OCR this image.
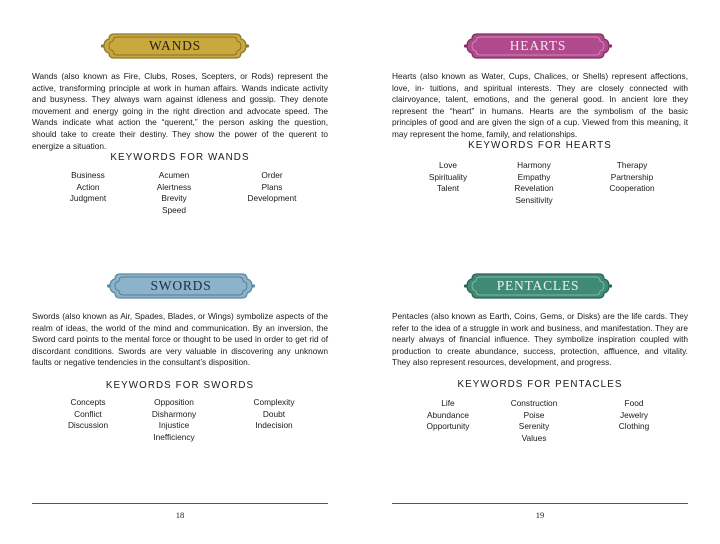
WANDS

Wands (also known as Fire, Clubs, Roses, Scepters, or Rods) represent the active, transforming principle at work in human affairs. Wands indicate activity and busyness. They always warn against idleness and gossip. They denote movement and energy going in the right direction and advocate speed. The Wands indicate what action the “querent,” the person asking the question, should take to create their destiny. They show the power of the querent to energize a situation.

KEYWORDS FOR WANDS

Business
Action
Judgment
Acumen
Alertness
Brevity
Speed
Order
Plans
Development
SWORDS

Swords (also known as Air, Spades, Blades, or Wings) symbolize aspects of the realm of ideas, the world of the mind and communication. By an inversion, the Sword card points to the mental force or thought to be used in order to get rid of discordant conditions. Swords are very valuable in discovering any unknown faults or negative tendencies in the consultant’s disposition.

KEYWORDS FOR SWORDS

Concepts
Conflict
Discussion
Opposition
Disharmony
Injustice
Inefficiency
Complexity
Doubt
Indecision
18
HEARTS

Hearts (also known as Water, Cups, Chalices, or Shells) represent affections, love, in- tuitions, and spiritual interests. They are closely connected with clairvoyance, talent, emotions, and the general good. In ancient lore they represent the “heart” in humans. Hearts are the symbolism of the basic principles of good and are given the sign of a cup. Viewed from this meaning, it may represent the home, family, and relationships.

KEYWORDS FOR HEARTS

Love
Spirituality
Talent
Harmony
Empathy
Revelation
Sensitivity
Therapy
Partnership
Cooperation
PENTACLES

Pentacles (also known as Earth, Coins, Gems, or Disks) are the life cards. They refer to the idea of a struggle in work and business, and manifestation. They are nearly always of financial influence. They symbolize inspiration coupled with production to create abundance, success, protection, affluence, and vitality. They also represent resources, development, and progress.

KEYWORDS FOR PENTACLES

Life
Abundance
Opportunity
Construction
Poise
Serenity
Values
Food
Jewelry
Clothing
19
